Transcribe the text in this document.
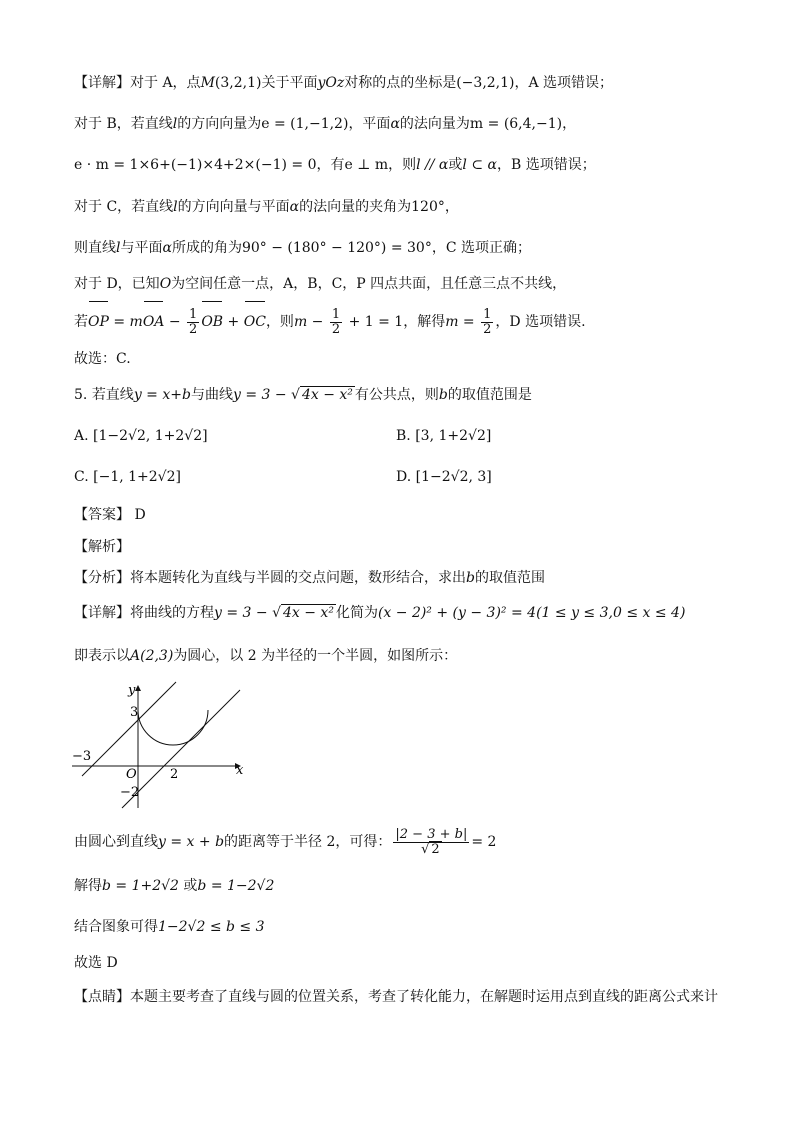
【详解】对于 A，点M(3,2,1)关于平面yOz对称的点的坐标是(−3,2,1)，A 选项错误；
对于 B，若直线l的方向向量为e = (1,−1,2)，平面α的法向量为m = (6,4,−1)，
e · m = 1×6+(−1)×4+2×(−1) = 0，有e ⊥ m，则l // α或l ⊂ α，B 选项错误；
对于 C，若直线l的方向向量与平面α的法向量的夹角为120°，
则直线l与平面α所成的角为90° − (180° − 120°) = 30°，C 选项正确；
对于 D，已知O为空间任意一点，A，B，C，P 四点共面，且任意三点不共线，
若OP = mOA − $\frac{1}{2}$ OB + OC，则$m - \frac{1}{2} + 1 = 1$，解得$m = \frac{1}{2}$ ，D 选项错误.
故选：C.
5. 若直线y = x+b与曲线y = 3 − √ 4x − x² 有公共点，则b的取值范围是
A. [1−2√2, 1+2√2]	B. [3, 1+2√2]
C. [−1, 1+2√2]	D. [1−2√2, 3]
【答案】 D
【解析】
【分析】将本题转化为直线与半圆的交点问题，数形结合，求出b的取值范围
【详解】将曲线的方程y = 3 − √ 4x − x² 化简为(x − 2)² + (y − 3)² = 4(1 ≤ y ≤ 3,0 ≤ x ≤ 4)
即表示以A(2,3)为圆心，以 2 为半径的一个半圆，如图所示：
y
x
O
3
−3
2
−2
由圆心到直线y = x + b的距离等于半径 2，可得： $\frac{|2 - 3 + b|}{√ 2} = 2$
解得b = 1+2√2 或b = 1−2√2
结合图象可得1−2√2 ≤ b ≤ 3
故选 D
【点睛】本题主要考查了直线与圆的位置关系，考查了转化能力，在解题时运用点到直线的距离公式来计
